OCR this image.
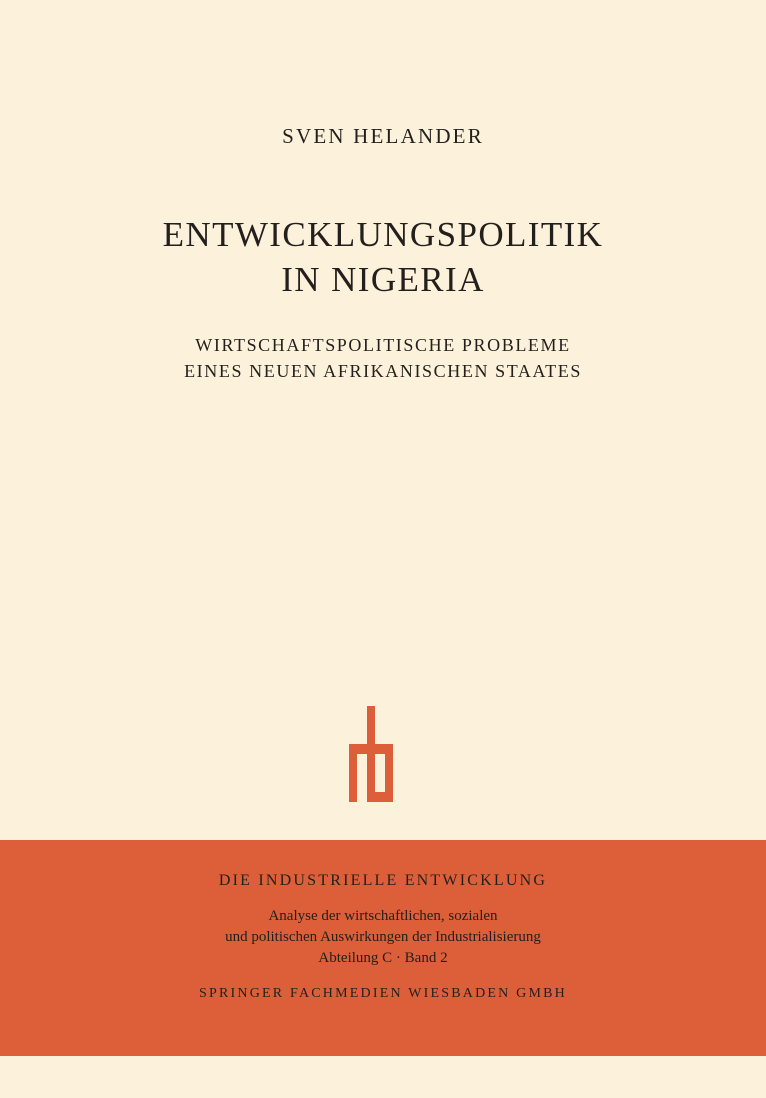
SVEN HELANDER
ENTWICKLUNGSPOLITIK
IN NIGERIA
WIRTSCHAFTSPOLITISCHE PROBLEME
EINES NEUEN AFRIKANISCHEN STAATES
DIE INDUSTRIELLE ENTWICKLUNG
Analyse der wirtschaftlichen, sozialen
und politischen Auswirkungen der Industrialisierung
Abteilung C · Band 2
SPRINGER FACHMEDIEN WIESBADEN GMBH
